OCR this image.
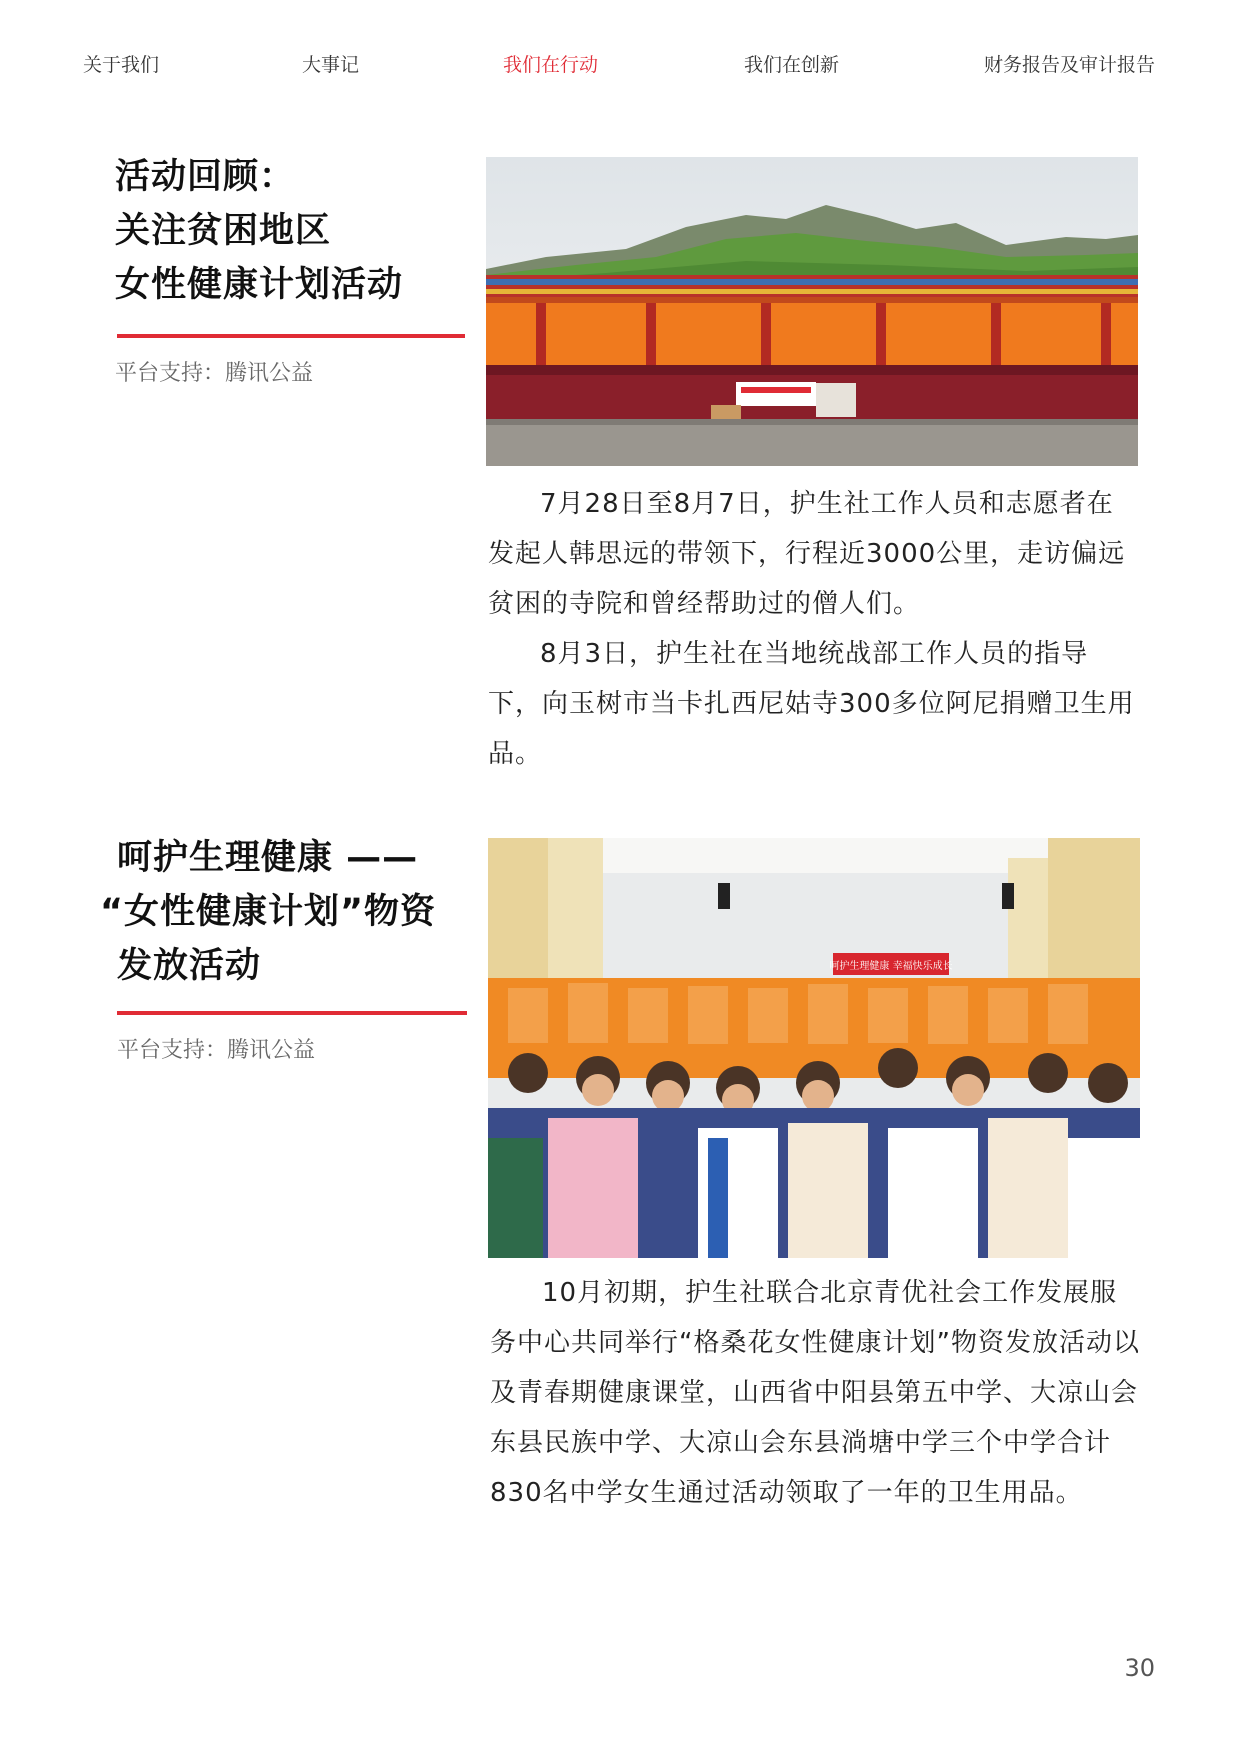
关于我们	大事记	我们在行动	我们在创新	财务报告及审计报告
活动回顾：
关注贫困地区
女性健康计划活动
平台支持：腾讯公益

7月28日至8月7日，护生社工作人员和志愿者在发起人韩思远的带领下，行程近3000公里，走访偏远贫困的寺院和曾经帮助过的僧人们。

8月3日，护生社在当地统战部工作人员的指导下，向玉树市当卡扎西尼姑寺300多位阿尼捐赠卫生用品。

呵护生理健康 ——
“女性健康计划”物资
发放活动
平台支持：腾讯公益
呵护生理健康 幸福快乐成长

10月初期，护生社联合北京青优社会工作发展服务中心共同举行“格桑花女性健康计划”物资发放活动以及青春期健康课堂，山西省中阳县第五中学、大凉山会东县民族中学、大凉山会东县淌塘中学三个中学合计830名中学女生通过活动领取了一年的卫生用品。

30
